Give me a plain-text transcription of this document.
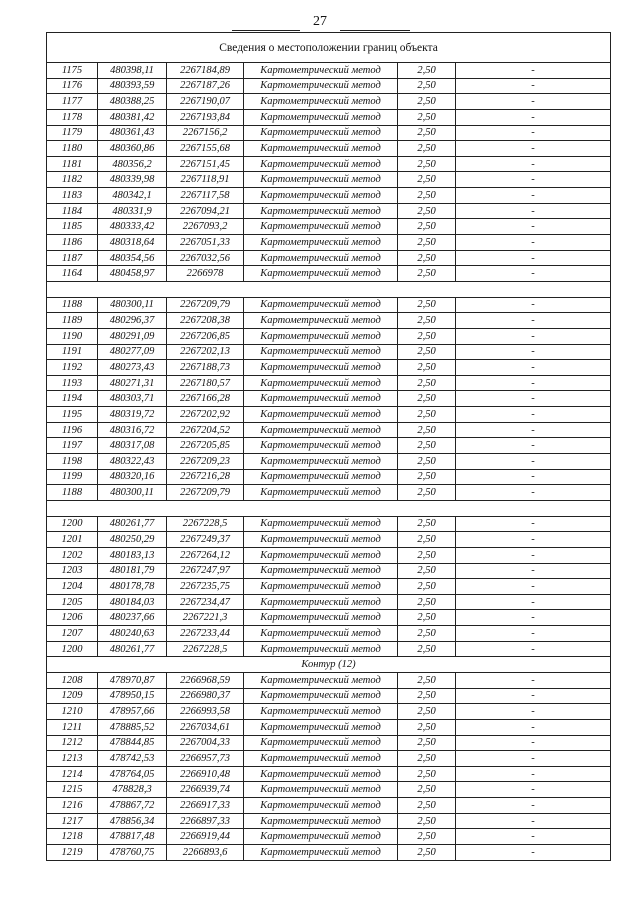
27
Сведения о местоположении границ объекта					
1175	480398,11	2267184,89	Картометрический метод	2,50	-
1176	480393,59	2267187,26	Картометрический метод	2,50	-
1177	480388,25	2267190,07	Картометрический метод	2,50	-
1178	480381,42	2267193,84	Картометрический метод	2,50	-
1179	480361,43	2267156,2	Картометрический метод	2,50	-
1180	480360,86	2267155,68	Картометрический метод	2,50	-
1181	480356,2	2267151,45	Картометрический метод	2,50	-
1182	480339,98	2267118,91	Картометрический метод	2,50	-
1183	480342,1	2267117,58	Картометрический метод	2,50	-
1184	480331,9	2267094,21	Картометрический метод	2,50	-
1185	480333,42	2267093,2	Картометрический метод	2,50	-
1186	480318,64	2267051,33	Картометрический метод	2,50	-
1187	480354,56	2267032,56	Картометрический метод	2,50	-
1164	480458,97	2266978	Картометрический метод	2,50	-

1188	480300,11	2267209,79	Картометрический метод	2,50	-
1189	480296,37	2267208,38	Картометрический метод	2,50	-
1190	480291,09	2267206,85	Картометрический метод	2,50	-
1191	480277,09	2267202,13	Картометрический метод	2,50	-
1192	480273,43	2267188,73	Картометрический метод	2,50	-
1193	480271,31	2267180,57	Картометрический метод	2,50	-
1194	480303,71	2267166,28	Картометрический метод	2,50	-
1195	480319,72	2267202,92	Картометрический метод	2,50	-
1196	480316,72	2267204,52	Картометрический метод	2,50	-
1197	480317,08	2267205,85	Картометрический метод	2,50	-
1198	480322,43	2267209,23	Картометрический метод	2,50	-
1199	480320,16	2267216,28	Картометрический метод	2,50	-
1188	480300,11	2267209,79	Картометрический метод	2,50	-

1200	480261,77	2267228,5	Картометрический метод	2,50	-
1201	480250,29	2267249,37	Картометрический метод	2,50	-
1202	480183,13	2267264,12	Картометрический метод	2,50	-
1203	480181,79	2267247,97	Картометрический метод	2,50	-
1204	480178,78	2267235,75	Картометрический метод	2,50	-
1205	480184,03	2267234,47	Картометрический метод	2,50	-
1206	480237,66	2267221,3	Картометрический метод	2,50	-
1207	480240,63	2267233,44	Картометрический метод	2,50	-
1200	480261,77	2267228,5	Картометрический метод	2,50	-
Контур (12)					
1208	478970,87	2266968,59	Картометрический метод	2,50	-
1209	478950,15	2266980,37	Картометрический метод	2,50	-
1210	478957,66	2266993,58	Картометрический метод	2,50	-
1211	478885,52	2267034,61	Картометрический метод	2,50	-
1212	478844,85	2267004,33	Картометрический метод	2,50	-
1213	478742,53	2266957,73	Картометрический метод	2,50	-
1214	478764,05	2266910,48	Картометрический метод	2,50	-
1215	478828,3	2266939,74	Картометрический метод	2,50	-
1216	478867,72	2266917,33	Картометрический метод	2,50	-
1217	478856,34	2266897,33	Картометрический метод	2,50	-
1218	478817,48	2266919,44	Картометрический метод	2,50	-
1219	478760,75	2266893,6	Картометрический метод	2,50	-
